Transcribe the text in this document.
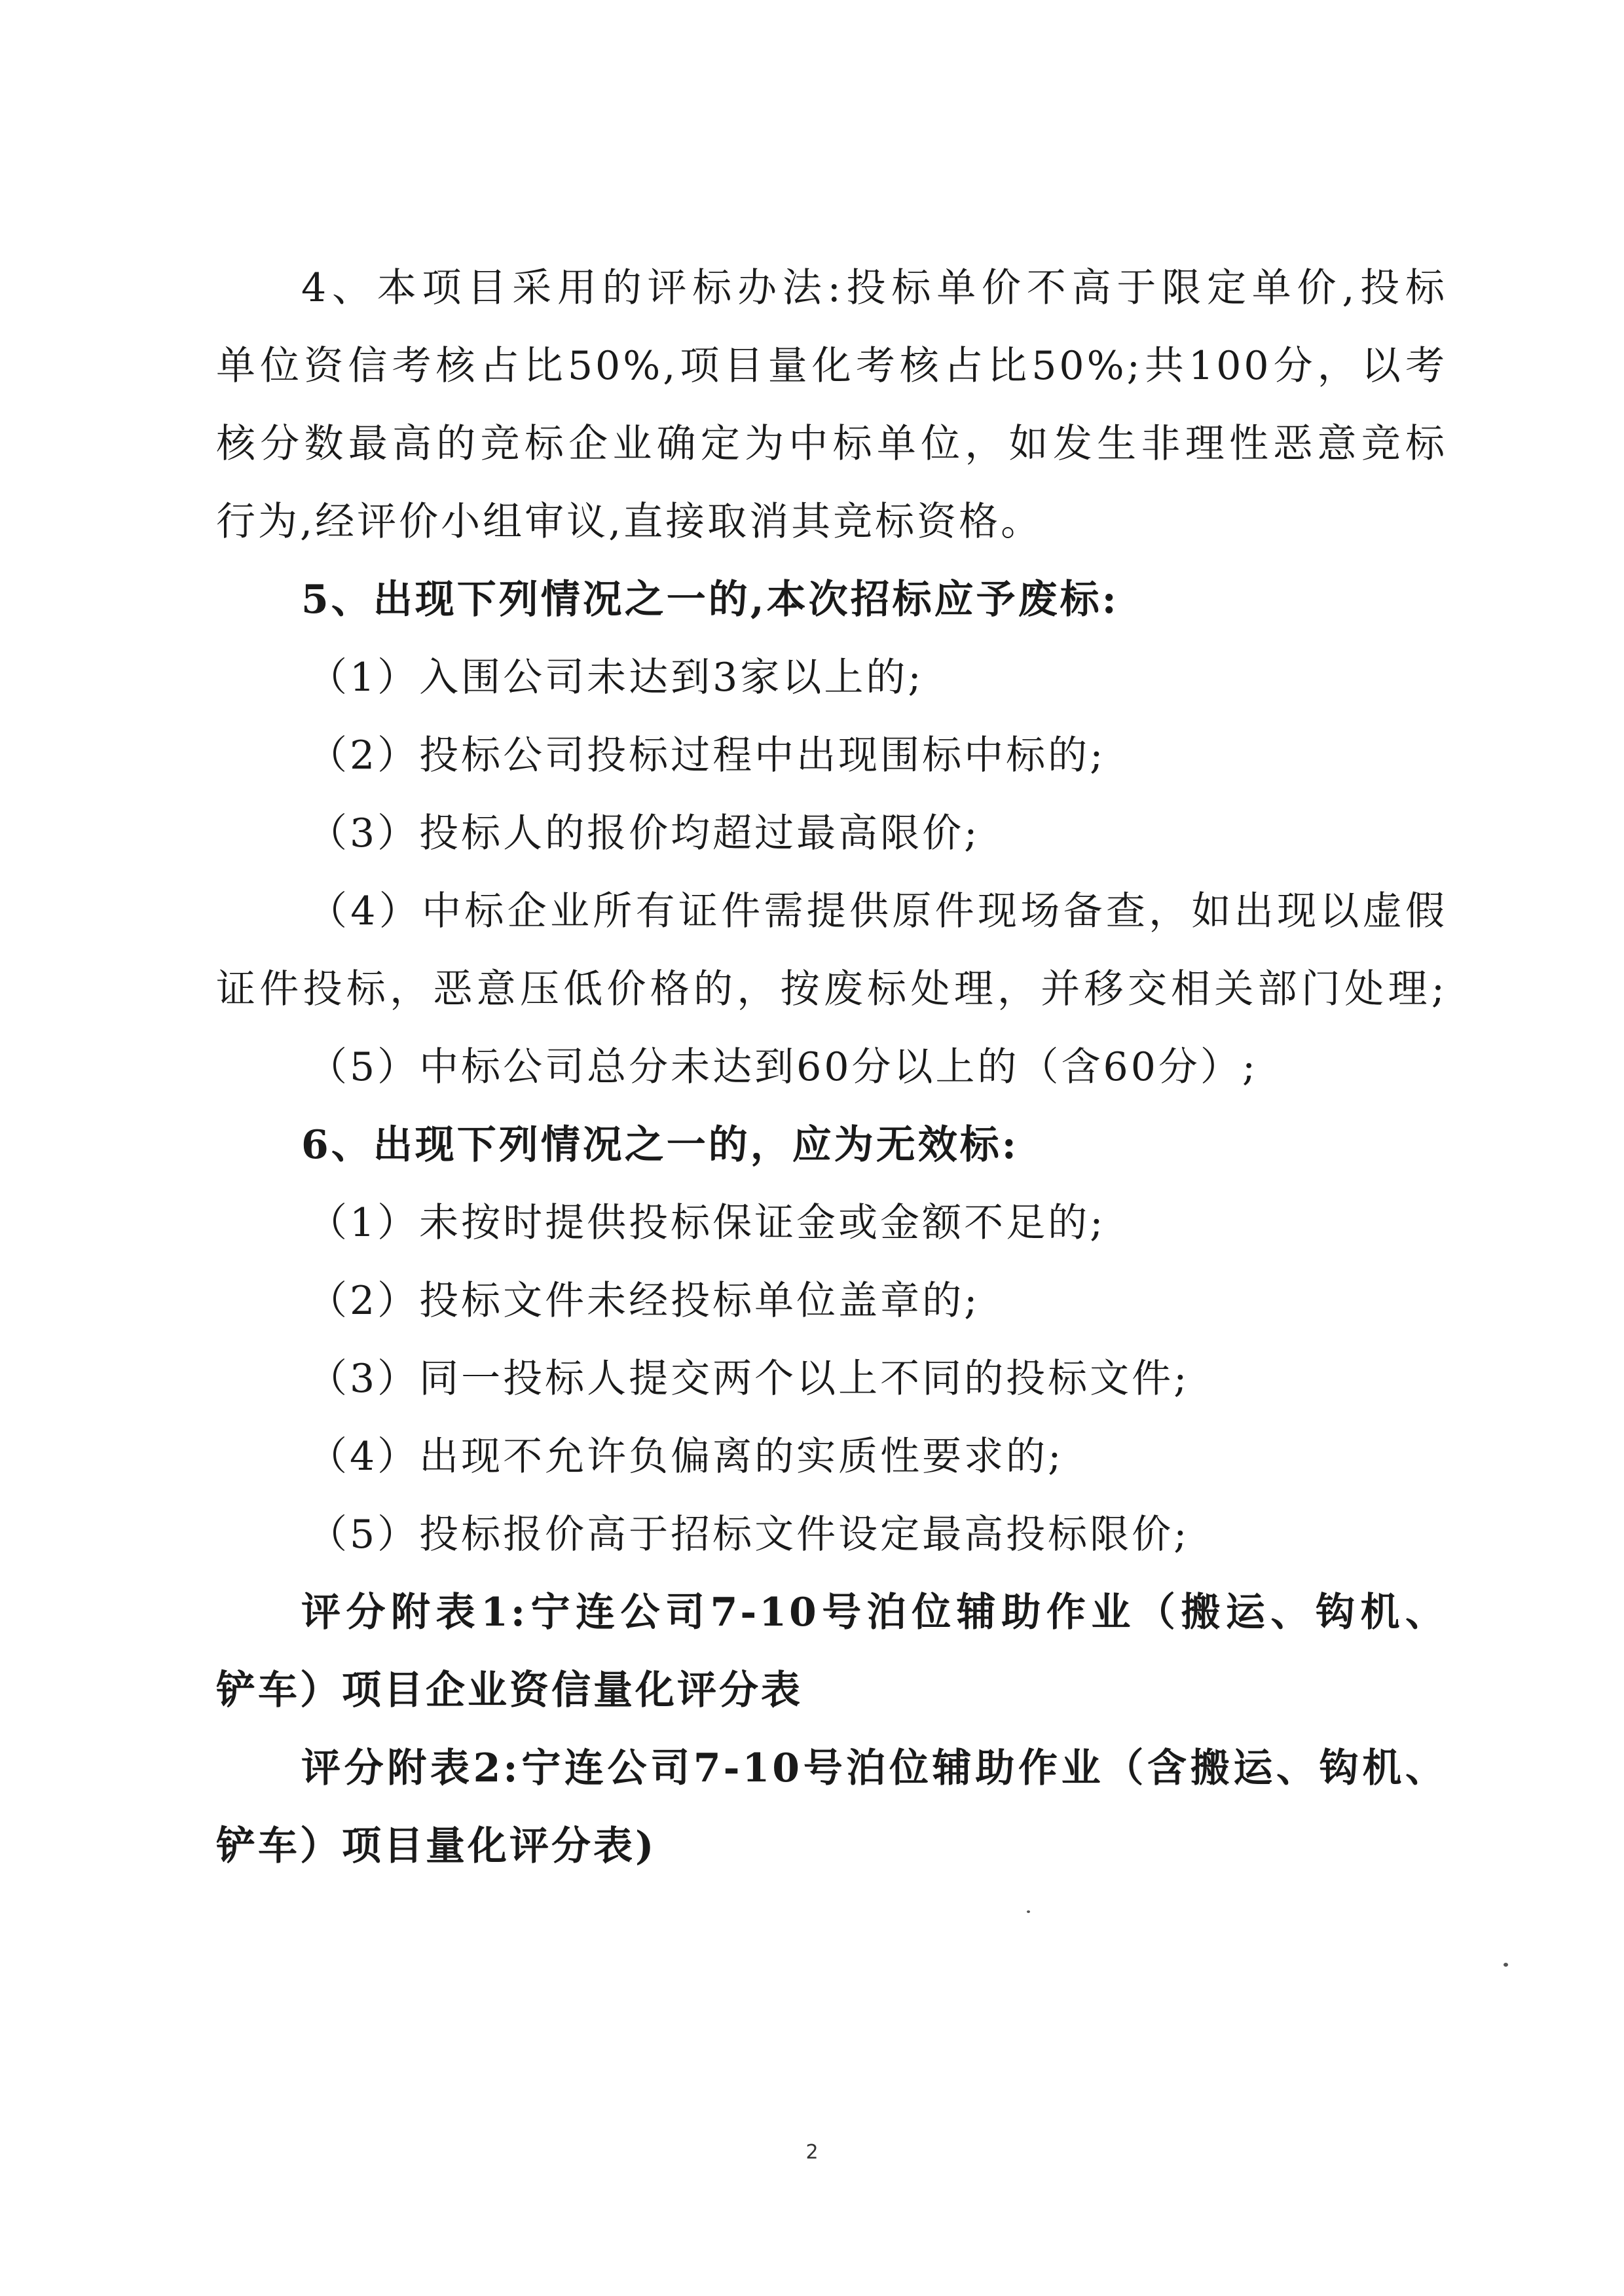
4、本项目采用的评标办法:投标单价不高于限定单价,投标
单位资信考核占比50%,项目量化考核占比50%;共100分，以考
核分数最高的竞标企业确定为中标单位，如发生非理性恶意竞标
行为,经评价小组审议,直接取消其竞标资格。
5、出现下列情况之一的,本次招标应予废标:
（1）入围公司未达到3家以上的;
（2）投标公司投标过程中出现围标中标的;
（3）投标人的报价均超过最高限价;
（4）中标企业所有证件需提供原件现场备查，如出现以虚假
证件投标，恶意压低价格的，按废标处理，并移交相关部门处理;
（5）中标公司总分未达到60分以上的（含60分）;
6、出现下列情况之一的，应为无效标:
（1）未按时提供投标保证金或金额不足的;
（2）投标文件未经投标单位盖章的;
（3）同一投标人提交两个以上不同的投标文件;
（4）出现不允许负偏离的实质性要求的;
（5）投标报价高于招标文件设定最高投标限价;
评分附表1:宁连公司7-10号泊位辅助作业（搬运、钩机、
铲车）项目企业资信量化评分表
评分附表2:宁连公司7-10号泊位辅助作业（含搬运、钩机、
铲车）项目量化评分表)
2
